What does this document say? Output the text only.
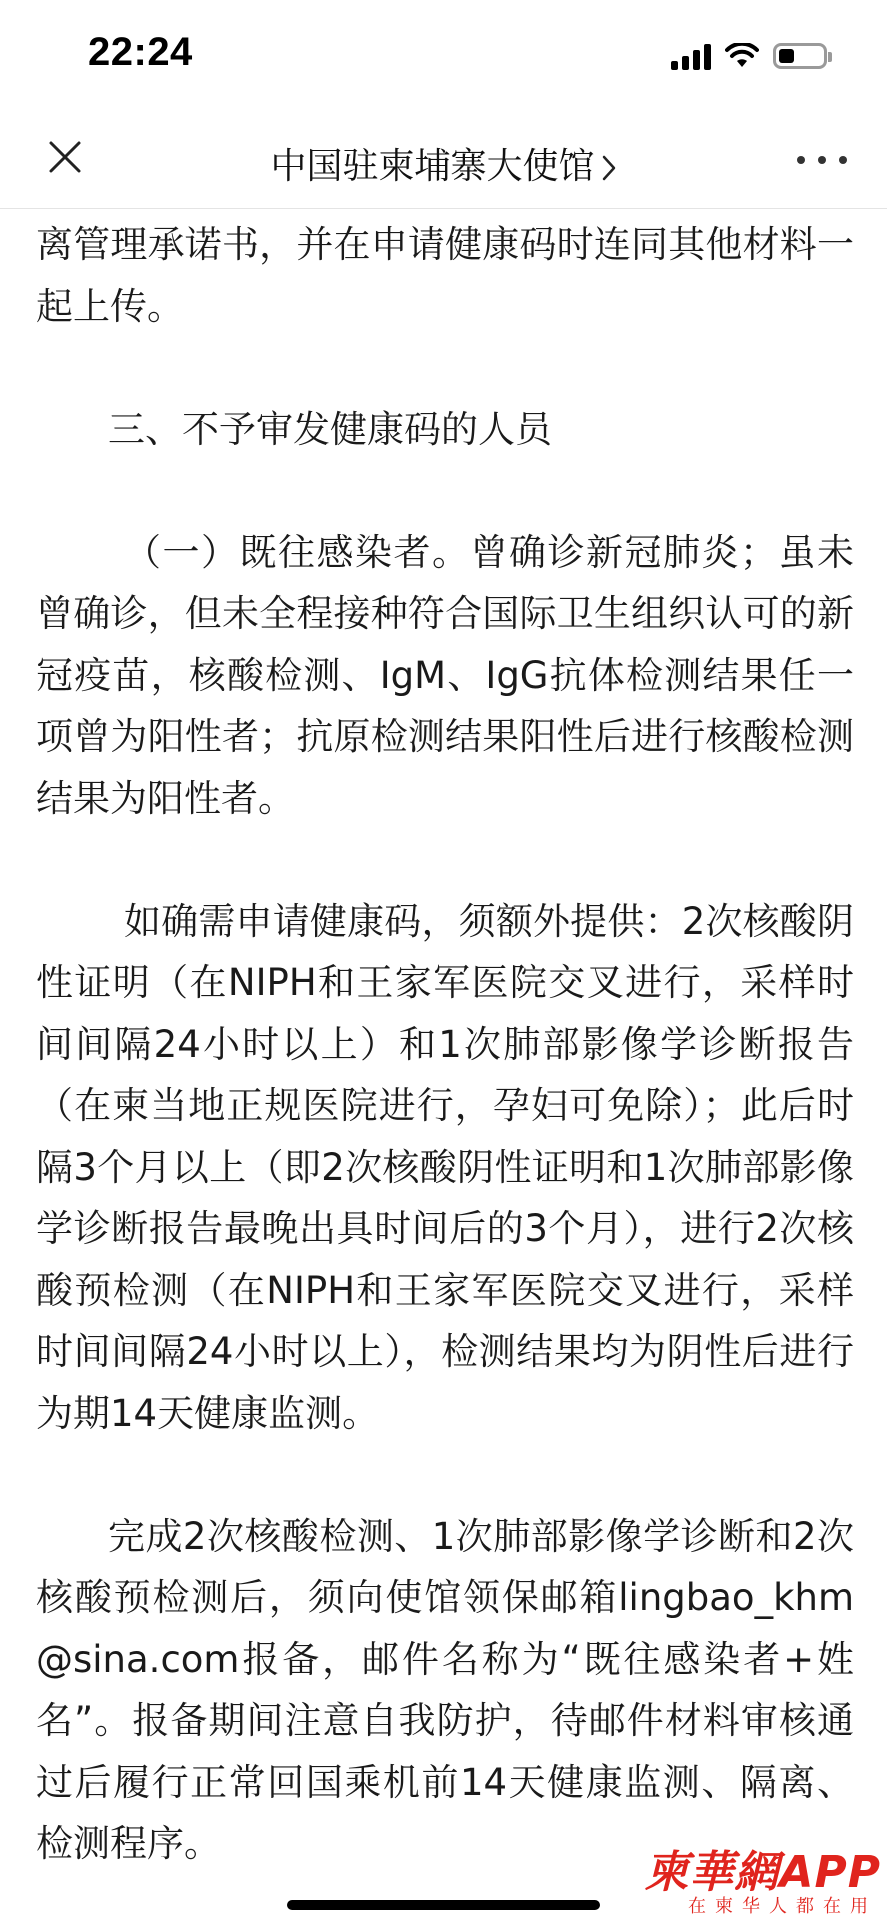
22:24
中国驻柬埔寨大使馆

离管理承诺书，并在申请健康码时连同其他材料一起上传。

三、不予审发健康码的人员

（一）既往感染者。曾确诊新冠肺炎；虽未曾确诊，但未全程接种符合国际卫生组织认可的新冠疫苗，核酸检测、IgM、IgG抗体检测结果任一项曾为阳性者；抗原检测结果阳性后进行核酸检测结果为阳性者。

如确需申请健康码，须额外提供：2次核酸阴性证明（在NIPH和王家军医院交叉进行，采样时间间隔24小时以上）和1次肺部影像学诊断报告（在柬当地正规医院进行，孕妇可免除）；此后时隔3个月以上（即2次核酸阴性证明和1次肺部影像学诊断报告最晚出具时间后的3个月），进行2次核酸预检测（在NIPH和王家军医院交叉进行，采样时间间隔24小时以上），检测结果均为阴性后进行为期14天健康监测。

完成2次核酸检测、1次肺部影像学诊断和2次核酸预检测后，须向使馆领保邮箱lingbao_khm@sina.com报备，邮件名称为“既往感染者+姓名”。报备期间注意自我防护，待邮件材料审核通过后履行正常回国乘机前14天健康监测、隔离、检测程序。

柬華網APP
在柬华人都在用
